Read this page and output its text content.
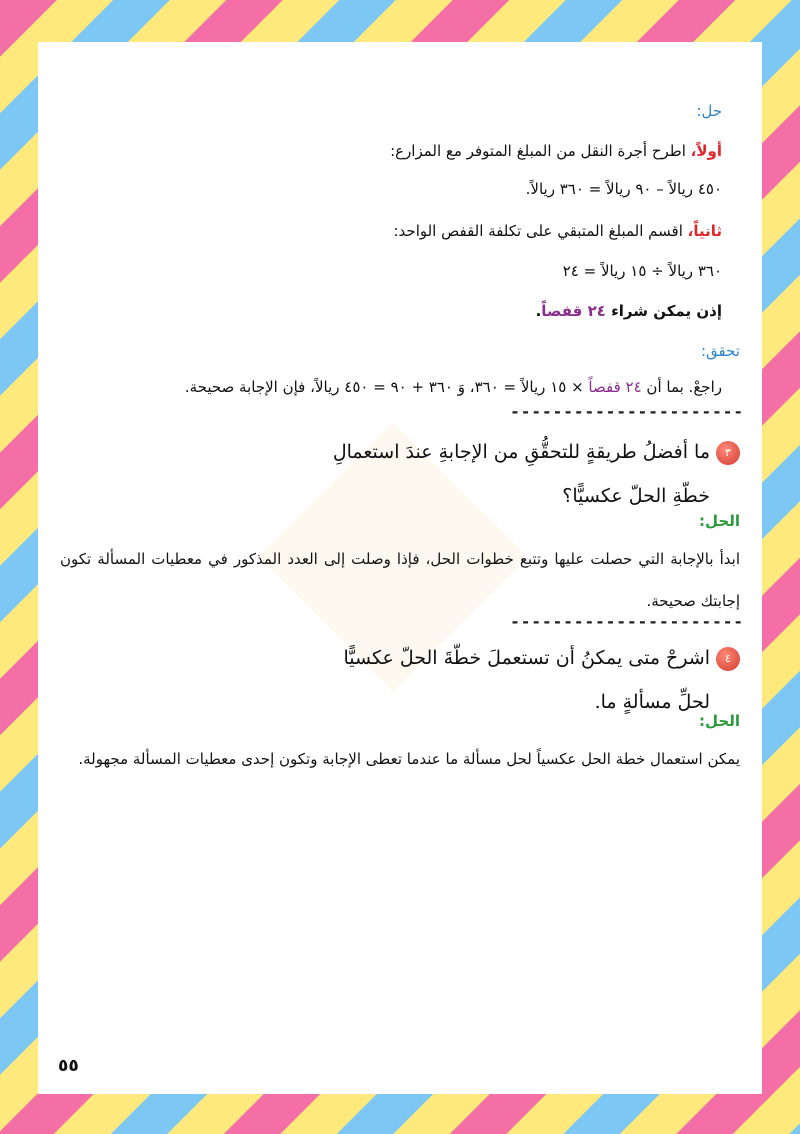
حل:
أولاً، اطرح أجرة النقل من المبلغ المتوفر مع المزارع:
٤٥٠ ريالاً – ٩٠ ريالاً = ٣٦٠ ريالاً.
ثانياً، اقسم المبلغ المتبقي على تكلفة القفص الواحد:
٣٦٠ ريالاً ÷ ١٥ ريالاً = ٢٤
إذن يمكن شراء ٢٤ قفصاً.
تحقق:
راجعْ. بما أن ٢٤ قفصاً × ١٥ ريالاً = ٣٦٠، وَ ٣٦٠ + ٩٠ = ٤٥٠ ريالاً، فإن الإجابة صحيحة.
----------------------
٣ما أفضلُ طريقةٍ للتحقُّقِ من الإجابةِ عندَ استعمالِ
خطّةِ الحلّ عكسيًّا؟
الحل:
ابدأ بالإجابة التي حصلت عليها وتتبع خطوات الحل، فإذا وصلت إلى العدد المذكور في معطيات المسألة تكون إجابتك صحيحة.
----------------------
٤اشرحْ متى يمكنُ أن تستعملَ خطّةَ الحلّ عكسيًّا
لحلِّ مسألةٍ ما.
الحل:
يمكن استعمال خطة الحل عكسياً لحل مسألة ما عندما تعطى الإجابة وتكون إحدى معطيات المسألة مجهولة.
٥٥
